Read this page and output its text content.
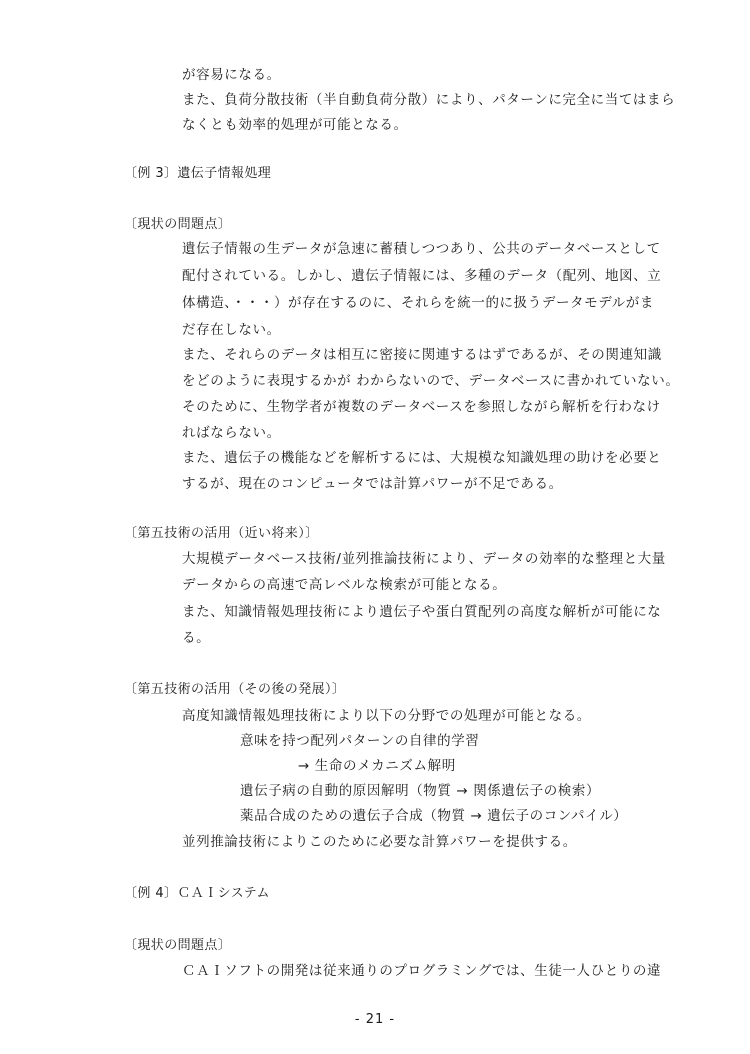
が容易になる。
また、負荷分散技術（半自動負荷分散）により、パターンに完全に当てはまら
なくとも効率的処理が可能となる。
〔例 3〕遺伝子情報処理
〔現状の問題点〕
遺伝子情報の生データが急速に蓄積しつつあり、公共のデータベースとして
配付されている。しかし、遺伝子情報には、多種のデータ（配列、地図、立
体構造、・・・）が存在するのに、それらを統一的に扱うデータモデルがま
だ存在しない。
また、それらのデータは相互に密接に関連するはずであるが、その関連知識
をどのように表現するかが わからないので、データベースに書かれていない。
そのために、生物学者が複数のデータベースを参照しながら解析を行わなけ
ればならない。
また、遺伝子の機能などを解析するには、大規模な知識処理の助けを必要と
するが、現在のコンピュータでは計算パワーが不足である。
〔第五技術の活用（近い将来）〕
大規模データベース技術/並列推論技術により、データの効率的な整理と大量
データからの高速で高レベルな検索が可能となる。
また、知識情報処理技術により遺伝子や蛋白質配列の高度な解析が可能にな
る。
〔第五技術の活用（その後の発展）〕
高度知識情報処理技術により以下の分野での処理が可能となる。
意味を持つ配列パターンの自律的学習
→ 生命のメカニズム解明
遺伝子病の自動的原因解明（物質 → 関係遺伝子の検索）
薬品合成のための遺伝子合成（物質 → 遺伝子のコンパイル）
並列推論技術によりこのために必要な計算パワーを提供する。
〔例 4〕ＣＡＩシステム
〔現状の問題点〕
ＣＡＩソフトの開発は従来通りのプログラミングでは、生徒一人ひとりの違
- 21 -
